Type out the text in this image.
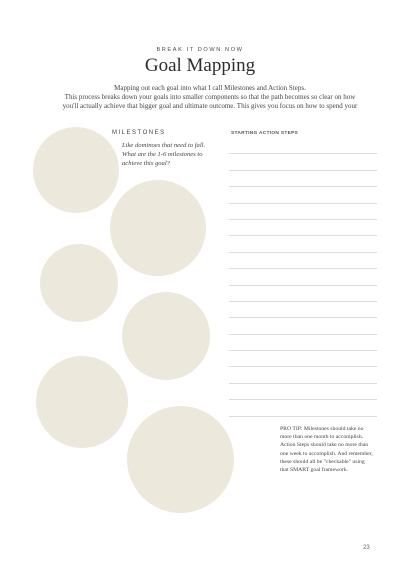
BREAK IT DOWN NOW
Goal Mapping
Mapping out each goal into what I call Milestones and Action Steps.
This process breaks down your goals into smaller components so that the path becomes so clear on how
you'll actually achieve that bigger goal and ultimate outcome. This gives you focus on how to spend your
MILESTONES
Like dominoes that need to fall. What are the 1-6 milestones to achieve this goal?
STARTING ACTION STEPS
PRO TIP: Milestones should take no more than one month to accomplish. Action Steps should take no more than one week to accomplish. And remember, these should all be "checkable" using that SMART goal framework.
23
